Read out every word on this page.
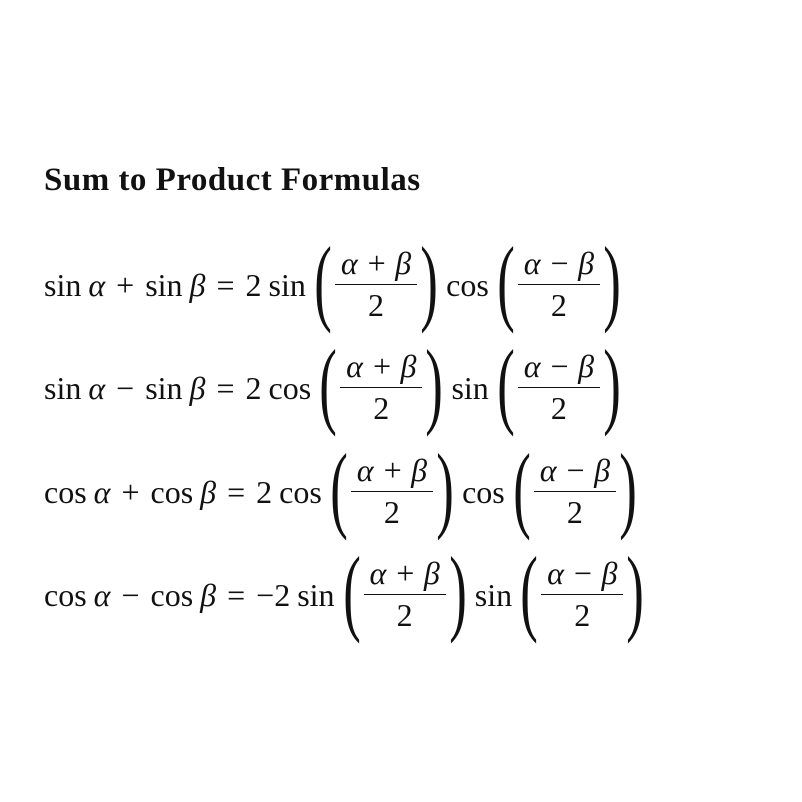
Sum to Product Formulas
sin α + sin β = 2 sin ( $\frac{\alpha + \beta}{2}$ ) cos ( $\frac{\alpha - \beta}{2}$ )
sin α − sin β = 2 cos ( $\frac{\alpha + \beta}{2}$ ) sin ( $\frac{\alpha - \beta}{2}$ )
cos α + cos β = 2 cos ( $\frac{\alpha + \beta}{2}$ ) cos ( $\frac{\alpha - \beta}{2}$ )
cos α − cos β = −2 sin ( $\frac{\alpha + \beta}{2}$ ) sin ( $\frac{\alpha - \beta}{2}$ )
